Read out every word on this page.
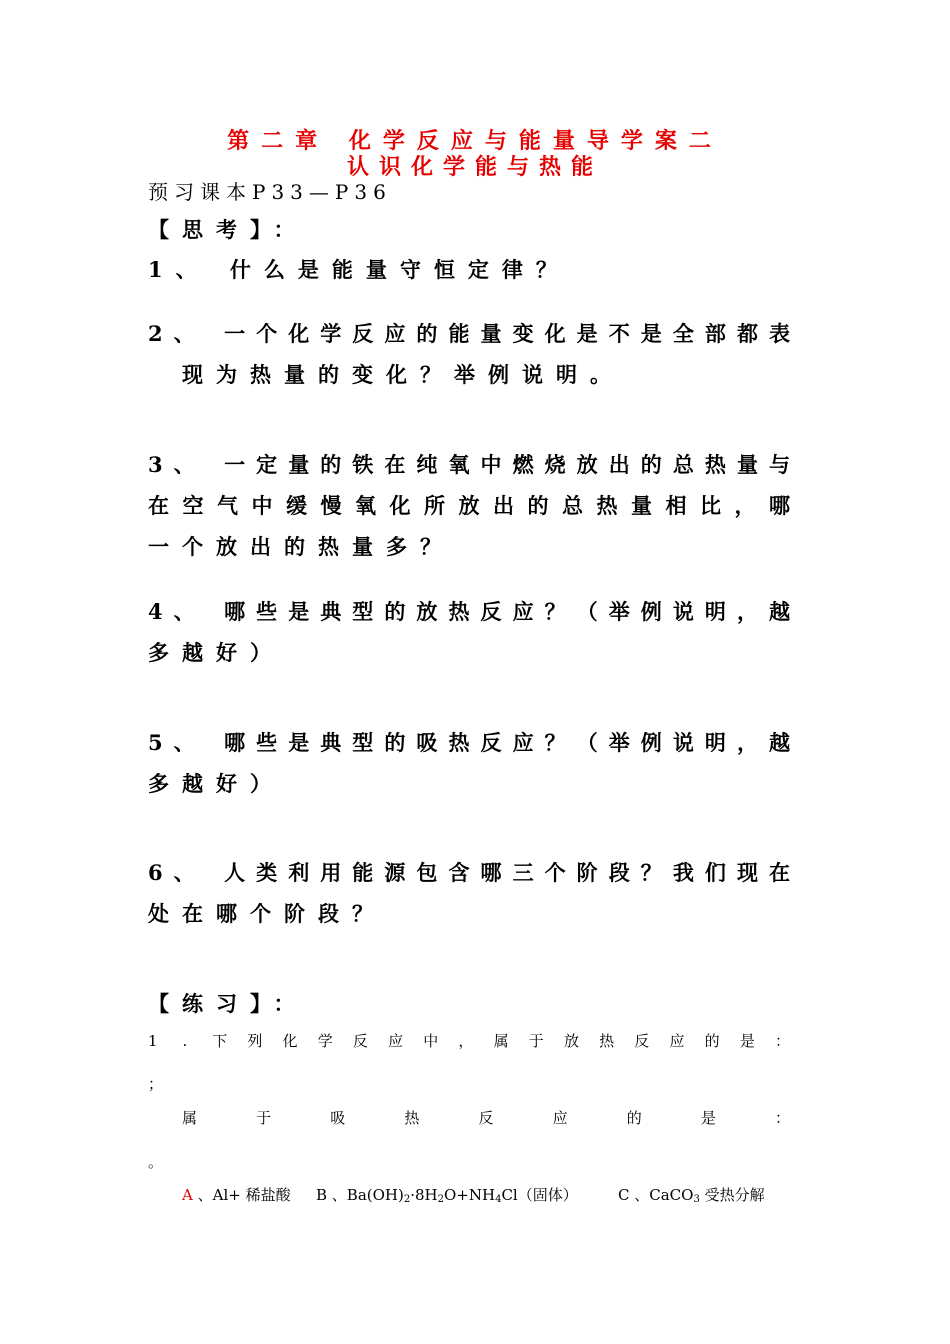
第二章 化学反应与能量导学案二
认识化学能与热能
预习课本P33—P36
【思考】：
1、 什么是能量守恒定律？
2、 一个化学反应的能量变化是不是全部都表
现为热量的变化？举例说明。
3、 一定量的铁在纯氧中燃烧放出的总热量与
在空气中缓慢氧化所放出的总热量相比，哪
一个放出的热量多？
4、 哪些是典型的放热反应？（举例说明，越
多越好）
5、 哪些是典型的吸热反应？（举例说明，越
多越好）
6、 人类利用能源包含哪三个阶段？我们现在
处在哪个阶段？
【练习】：
1 . 下列化学反应中，属于放热反应的是：
；
属 于 吸 热 反 应 的 是 ：
。
A 、Al+ 稀盐酸 B 、$Ba(OH)_2\cdot 8H_2O+NH_4Cl$（固体）	C 、CaCO$_3$ 受热分解
